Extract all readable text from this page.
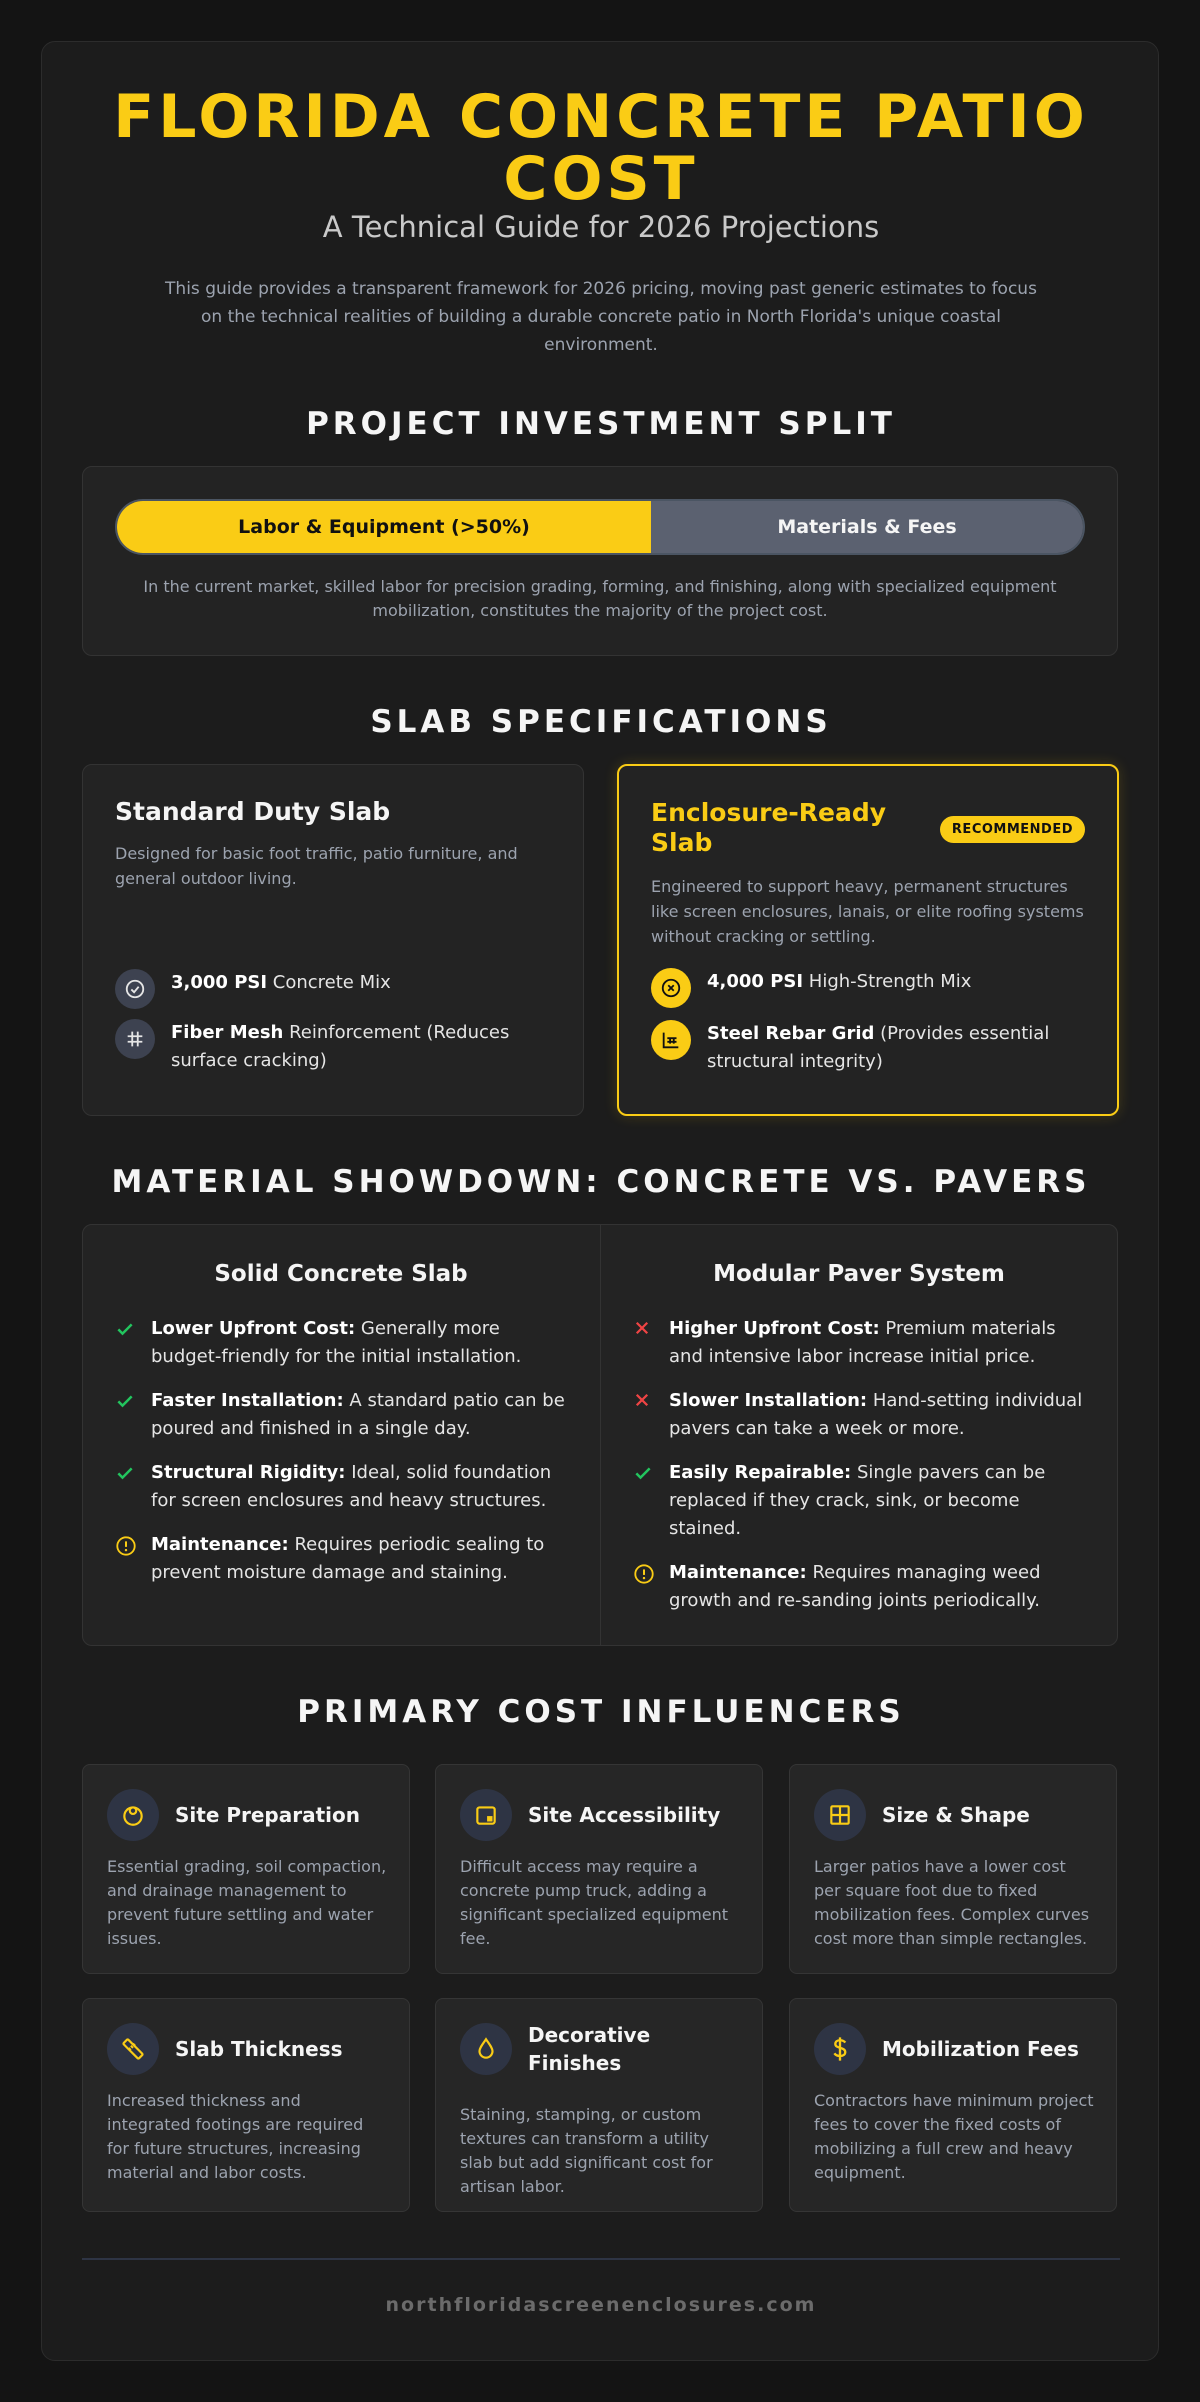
FLORIDA CONCRETE PATIO
COST
A Technical Guide for 2026 Projections
This guide provides a transparent framework for 2026 pricing, moving past generic estimates to focus on the technical realities of building a durable concrete patio in North Florida's unique coastal environment.
PROJECT INVESTMENT SPLIT
Labor & Equipment (>50%)	Materials & Fees
In the current market, skilled labor for precision grading, forming, and finishing, along with specialized equipment mobilization, constitutes the majority of the project cost.
SLAB SPECIFICATIONS
Standard Duty Slab
Designed for basic foot traffic, patio furniture, and general outdoor living.
3,000 PSI Concrete Mix
Fiber Mesh Reinforcement (Reduces surface cracking)
Enclosure-Ready Slab	RECOMMENDED
Engineered to support heavy, permanent structures like screen enclosures, lanais, or elite roofing systems without cracking or settling.
4,000 PSI High-Strength Mix
Steel Rebar Grid (Provides essential structural integrity)
MATERIAL SHOWDOWN: CONCRETE VS. PAVERS
Solid Concrete Slab	Modular Paver System
Lower Upfront Cost: Generally more budget-friendly for the initial installation.
Faster Installation: A standard patio can be poured and finished in a single day.
Structural Rigidity: Ideal, solid foundation for screen enclosures and heavy structures.
Maintenance: Requires periodic sealing to prevent moisture damage and staining.
Higher Upfront Cost: Premium materials and intensive labor increase initial price.
Slower Installation: Hand-setting individual pavers can take a week or more.
Easily Repairable: Single pavers can be replaced if they crack, sink, or become stained.
Maintenance: Requires managing weed growth and re-sanding joints periodically.
PRIMARY COST INFLUENCERS
Site Preparation
Essential grading, soil compaction, and drainage management to prevent future settling and water issues.
Site Accessibility
Difficult access may require a concrete pump truck, adding a significant specialized equipment fee.
Size & Shape
Larger patios have a lower cost per square foot due to fixed mobilization fees. Complex curves cost more than simple rectangles.
Slab Thickness
Increased thickness and integrated footings are required for future structures, increasing material and labor costs.
Decorative Finishes
Staining, stamping, or custom textures can transform a utility slab but add significant cost for artisan labor.
Mobilization Fees
Contractors have minimum project fees to cover the fixed costs of mobilizing a full crew and heavy equipment.
northfloridascreenenclosures.com
